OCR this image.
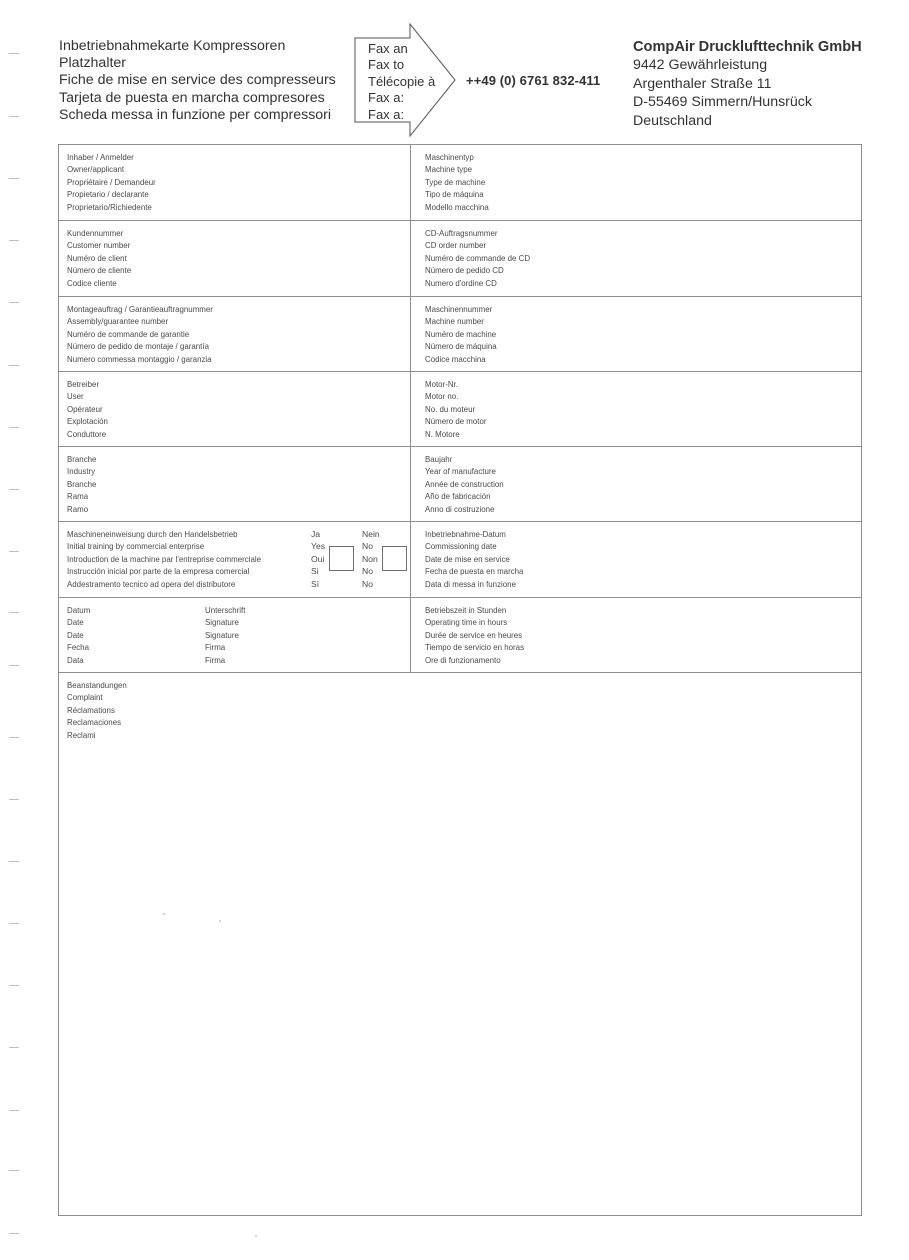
Inbetriebnahmekarte Kompressoren
Platzhalter
Fiche de mise en service des compresseurs
Tarjeta de puesta en marcha compresores
Scheda messa in funzione per compressori
Fax an
Fax to
Télécopie à
Fax a:
Fax a:
++49 (0) 6761 832-411
CompAir Drucklufttechnik GmbH
9442 Gewährleistung
Argenthaler Straße 11
D-55469 Simmern/Hunsrück
Deutschland
Inhaber / Anmelder
Owner/applicant
Propriétaire / Demandeur
Propietario / declarante
Proprietario/Richiedente
Maschinentyp
Machine type
Type de machine
Tipo de máquina
Modello macchina
Kundennummer
Customer number
Numéro de client
Número de cliente
Codice cliente
CD-Auftragsnummer
CD order number
Numéro de commande de CD
Número de pedido CD
Numero d'ordine CD
Montageauftrag / Garantieauftragnummer
Assembly/guarantee number
Numéro de commande de garantie
Número de pedido de montaje / garantía
Numero commessa montaggio / garanzia
Maschinennummer
Machine number
Numéro de machine
Número de máquina
Codice macchina
Betreiber
User
Opérateur
Explotación
Conduttore
Motor-Nr.
Motor no.
No. du moteur
Número de motor
N. Motore
Branche
Industry
Branche
Rama
Ramo
Baujahr
Year of manufacture
Année de construction
Año de fabricación
Anno di costruzione
Maschineneinweisung durch den Handelsbetrieb
Initial training by commercial enterprise
Introduction de la machine par l'entreprise commerciale
Instrucción inicial por parte de la empresa comercial
Addestramento tecnico ad opera del distributore
Ja
Yes
Oui
Si
Sì
Nein
No
Non
No
No
Inbetriebnahme-Datum
Commissioning date
Date de mise en service
Fecha de puesta en marcha
Data di messa in funzione
Datum
Date
Date
Fecha
Data
Unterschrift
Signature
Signature
Firma
Firma
Betriebszeit in Stunden
Operating time in hours
Durée de service en heures
Tiempo de servicio en horas
Ore di funzionamento
Beanstandungen
Complaint
Réclamations
Reclamaciones
Reclami
